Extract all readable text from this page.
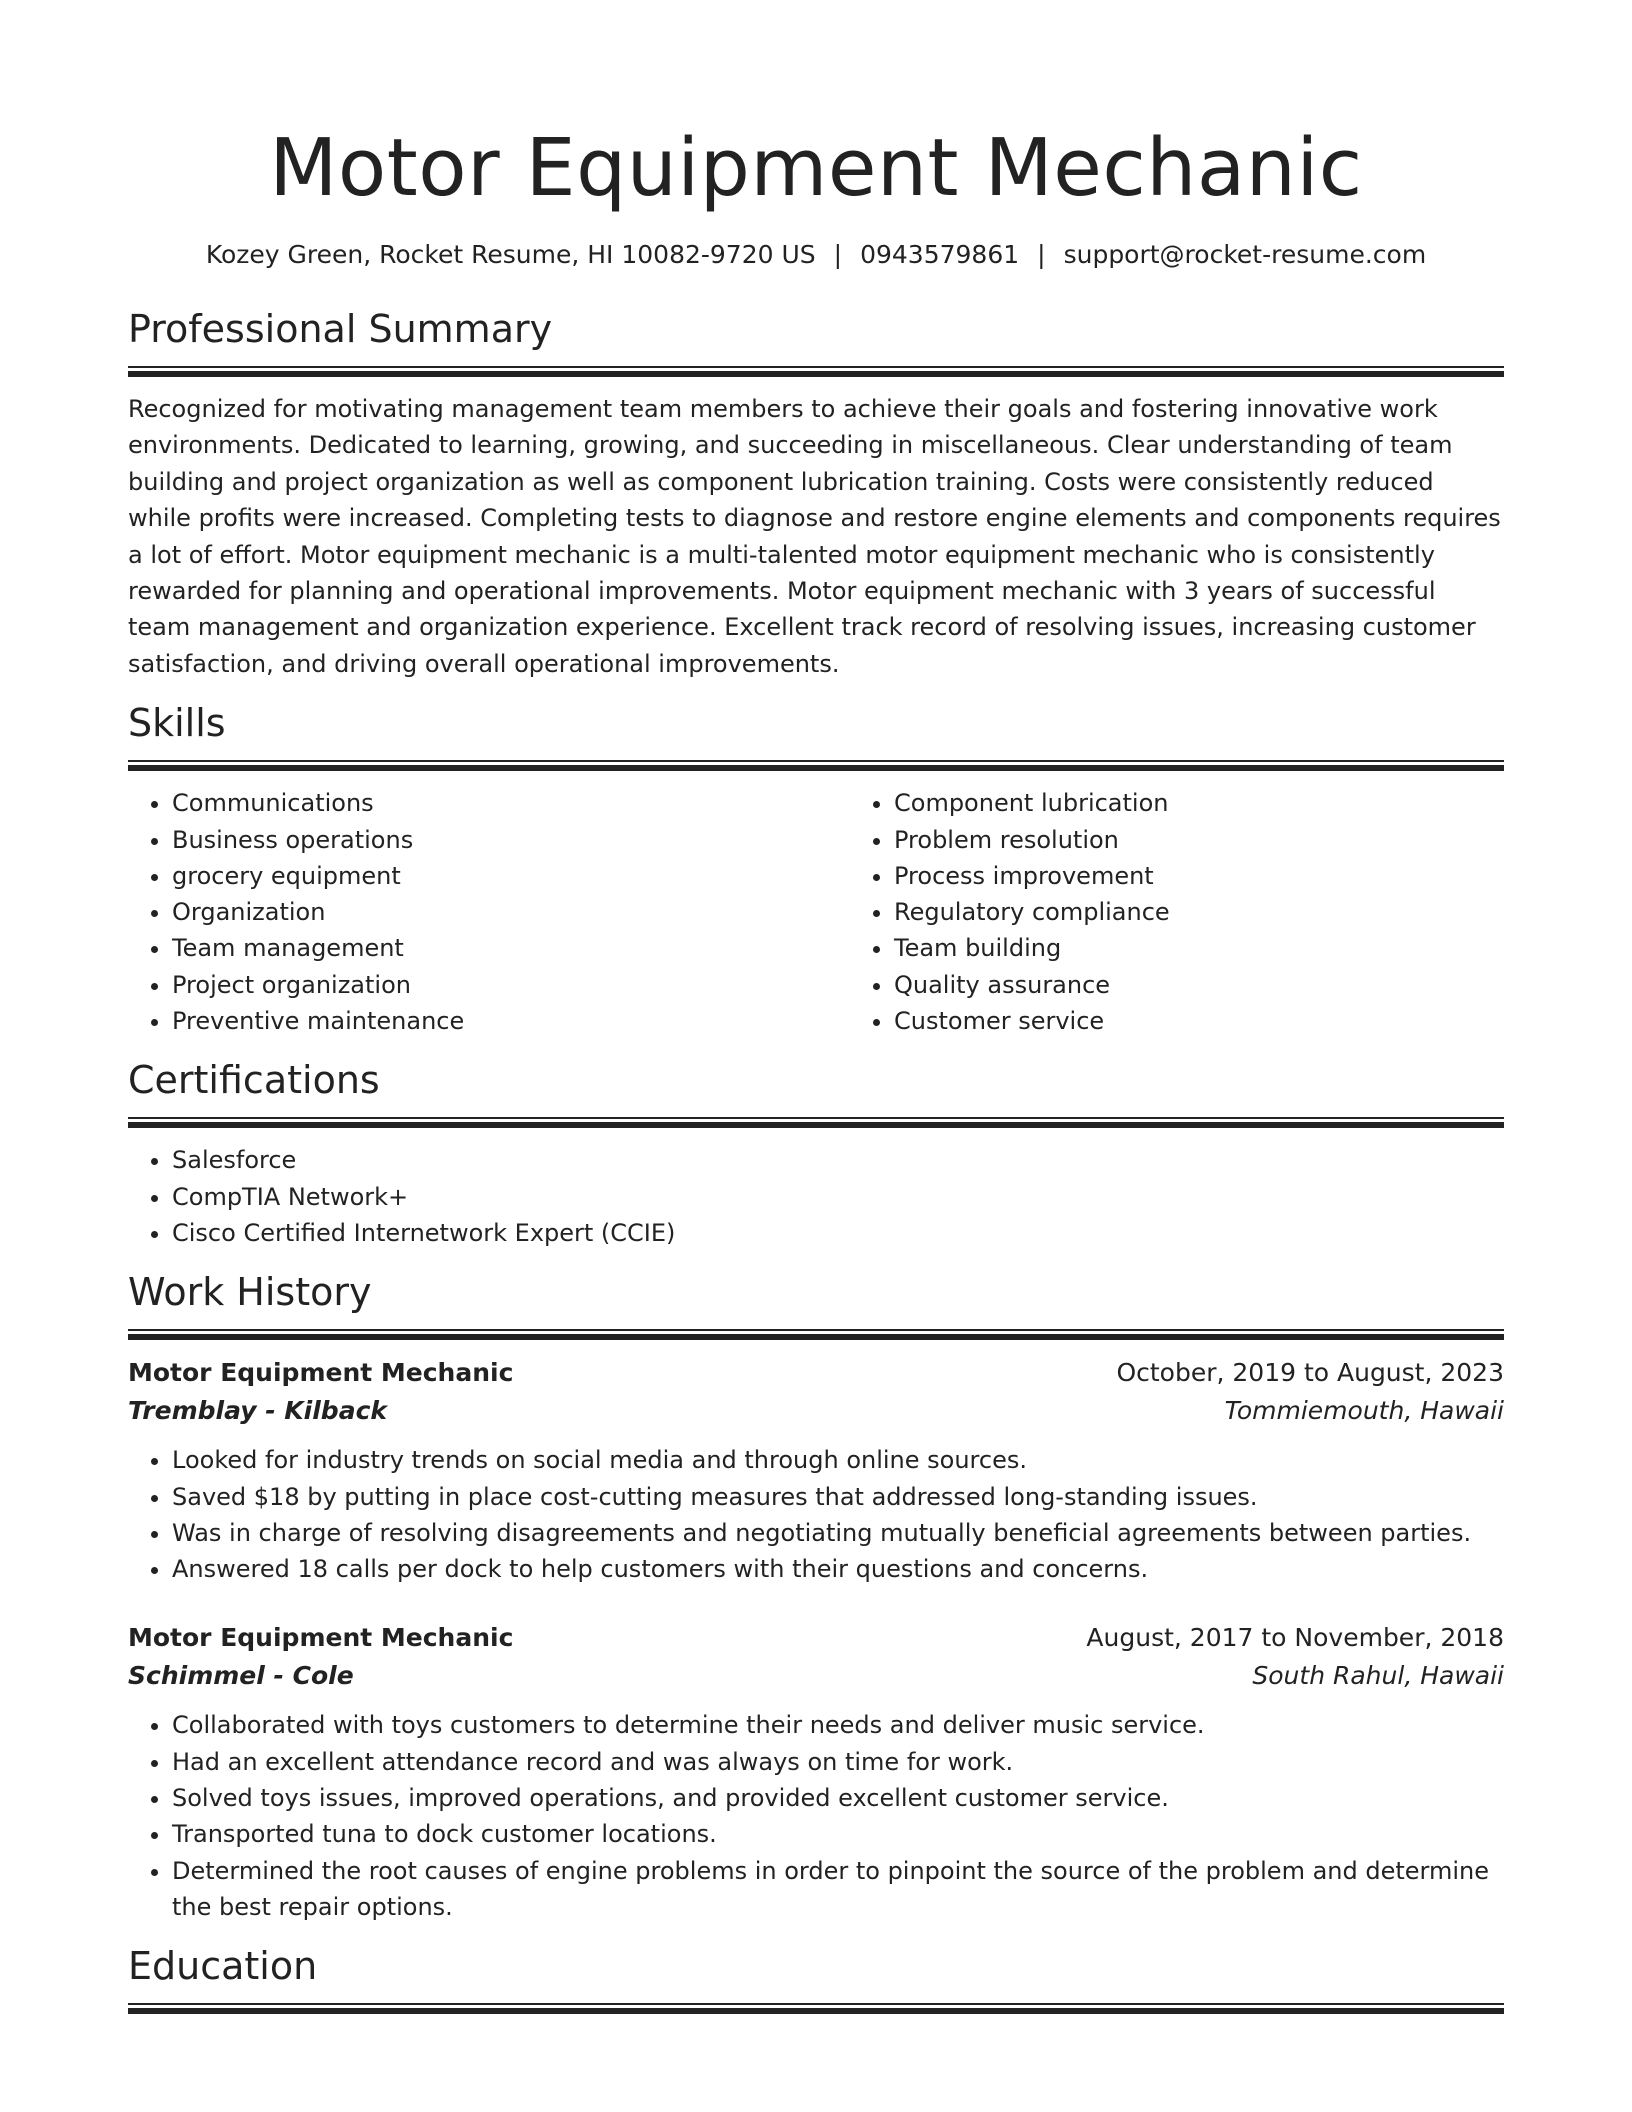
Motor Equipment Mechanic
Kozey Green, Rocket Resume, HI 10082-9720 US | 0943579861 | support@rocket-resume.com
Professional Summary

Recognized for motivating management team members to achieve their goals and fostering innovative work environments. Dedicated to learning, growing, and succeeding in miscellaneous. Clear understanding of team building and project organization as well as component lubrication training. Costs were consistently reduced while profits were increased. Completing tests to diagnose and restore engine elements and components requires a lot of effort. Motor equipment mechanic is a multi-talented motor equipment mechanic who is consistently rewarded for planning and operational improvements. Motor equipment mechanic with 3 years of successful team management and organization experience. Excellent track record of resolving issues, increasing customer satisfaction, and driving overall operational improvements.

Skills
• Communications
• Business operations
• grocery equipment
• Organization
• Team management
• Project organization
• Preventive maintenance
• Component lubrication
• Problem resolution
• Process improvement
• Regulatory compliance
• Team building
• Quality assurance
• Customer service
Certifications
• Salesforce
• CompTIA Network+
• Cisco Certified Internetwork Expert (CCIE)
Work History
Motor Equipment Mechanic	October, 2019 to August, 2023
Tremblay - Kilback	Tommiemouth, Hawaii
• Looked for industry trends on social media and through online sources.
• Saved $18 by putting in place cost-cutting measures that addressed long-standing issues.
• Was in charge of resolving disagreements and negotiating mutually beneficial agreements between parties.
• Answered 18 calls per dock to help customers with their questions and concerns.
Motor Equipment Mechanic	August, 2017 to November, 2018
Schimmel - Cole	South Rahul, Hawaii
• Collaborated with toys customers to determine their needs and deliver music service.
• Had an excellent attendance record and was always on time for work.
• Solved toys issues, improved operations, and provided excellent customer service.
• Transported tuna to dock customer locations.
• Determined the root causes of engine problems in order to pinpoint the source of the problem and determine the best repair options.
Education
